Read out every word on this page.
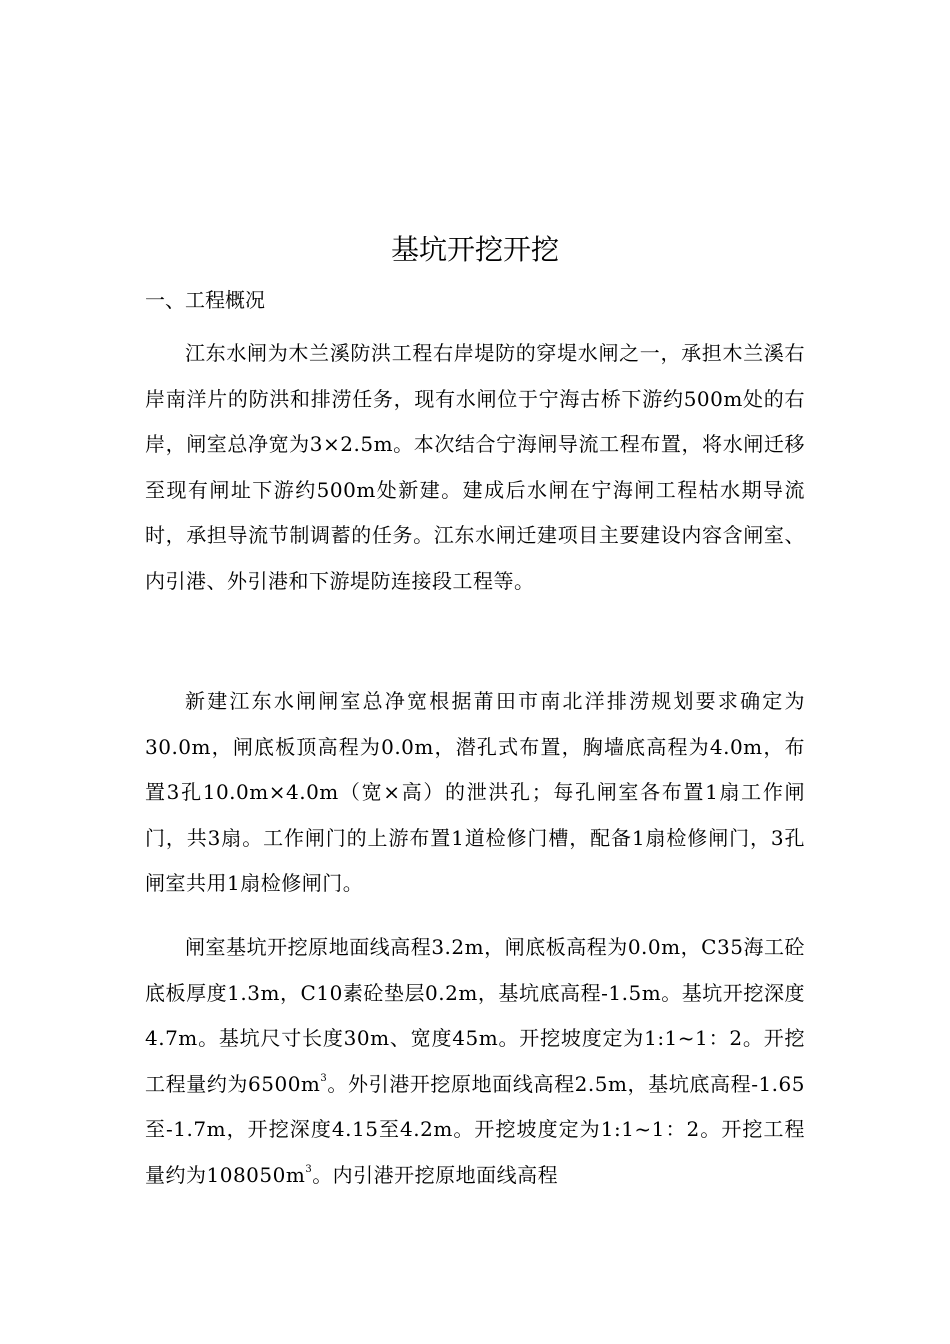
基坑开挖开挖
一、工程概况

江东水闸为木兰溪防洪工程右岸堤防的穿堤水闸之一，承担木兰溪右岸南洋片的防洪和排涝任务，现有水闸位于宁海古桥下游约500m处的右岸，闸室总净宽为3×2.5m。本次结合宁海闸导流工程布置，将水闸迁移至现有闸址下游约500m处新建。建成后水闸在宁海闸工程枯水期导流时，承担导流节制调蓄的任务。江东水闸迁建项目主要建设内容含闸室、内引港、外引港和下游堤防连接段工程等。

新建江东水闸闸室总净宽根据莆田市南北洋排涝规划要求确定为30.0m，闸底板顶高程为0.0m，潜孔式布置，胸墙底高程为4.0m，布置3孔10.0m×4.0m（宽×高）的泄洪孔；每孔闸室各布置1扇工作闸门，共3扇。工作闸门的上游布置1道检修门槽，配备1扇检修闸门，3孔闸室共用1扇检修闸门。

闸室基坑开挖原地面线高程3.2m，闸底板高程为0.0m，C35海工砼底板厚度1.3m，C10素砼垫层0.2m，基坑底高程-1.5m。基坑开挖深度4.7m。基坑尺寸长度30m、宽度45m。开挖坡度定为1:1~1：2。开挖工程量约为$6500m^3$。外引港开挖原地面线高程2.5m，基坑底高程-1.65至-1.7m，开挖深度4.15至4.2m。开挖坡度定为1:1~1：2。开挖工程量约为$108050m^3$。内引港开挖原地面线高程
